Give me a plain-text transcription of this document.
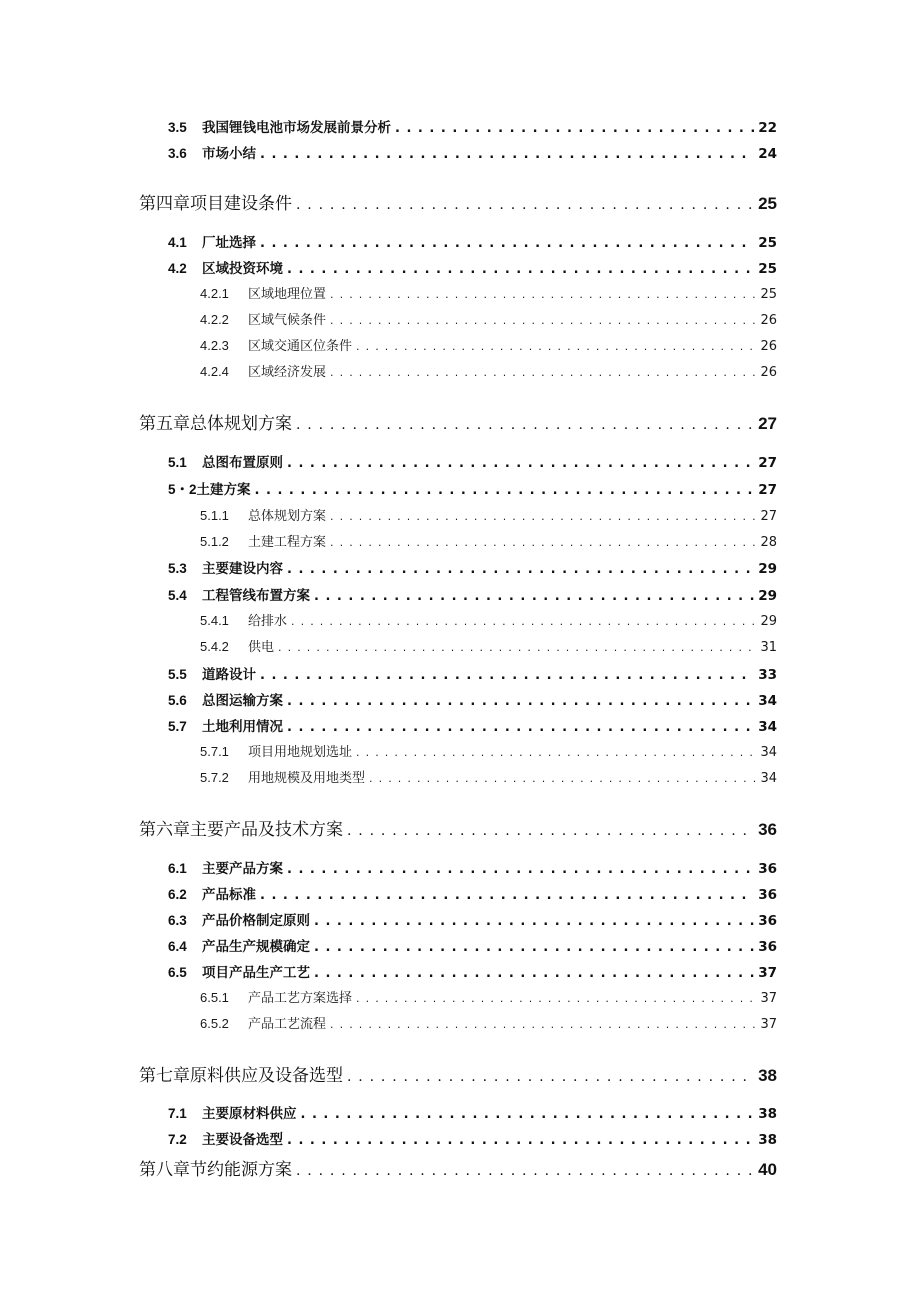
3.5	我国锂钱电池市场发展前景分析 . . .	22
3.6	市场小结 . . .	24
第四章项目建设条件 . . .	25
4.1	厂址选择 . . .	25
4.2	区域投资环境 . . .	25
4.2.1	区域地理位置 . . .	25
4.2.2	区域气候条件 . . .	26
4.2.3	区域交通区位条件 . . .	26
4.2.4	区域经济发展 . . .	26
第五章总体规划方案 . . .	27
5.1	总图布置原则 . . .	27
5・2 土建方案 . . .	27
5.1.1	总体规划方案 . . .	27
5.1.2	土建工程方案 . . .	28
5.3	主要建设内容 . . .	29
5.4	工程管线布置方案 . . .	29
5.4.1	给排水 . . .	29
5.4.2	供电 . . .	31
5.5	道路设计 . . .	33
5.6	总图运输方案 . . .	34
5.7	土地利用情况 . . .	34
5.7.1	项目用地规划选址 . . .	34
5.7.2	用地规模及用地类型 . . .	34
第六章主要产品及技术方案 . . .	36
6.1	主要产品方案 . . .	36
6.2	产品标准 . . .	36
6.3	产品价格制定原则 . . .	36
6.4	产品生产规模确定 . . .	36
6.5	项目产品生产工艺 . . .	37
6.5.1	产品工艺方案选择 . . .	37
6.5.2	产品工艺流程 . . .	37
第七章原料供应及设备选型 . . .	38
7.1	主要原材料供应 . . .	38
7.2	主要设备选型 . . .	38
第八章节约能源方案 . . .	40
